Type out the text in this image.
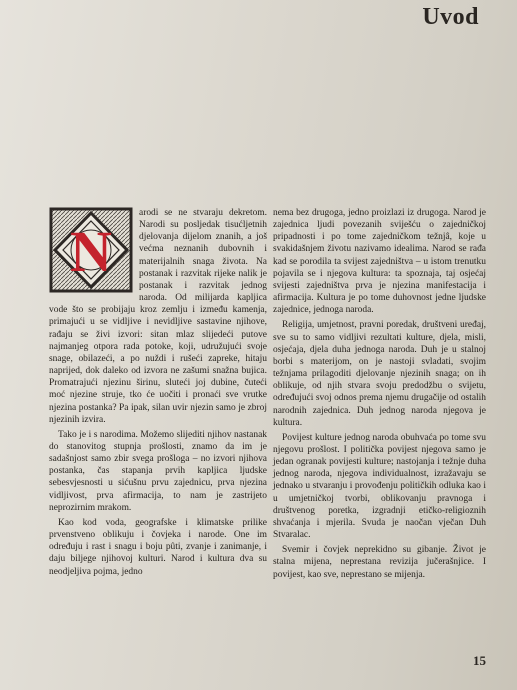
Uvod
N

arodi se ne stvaraju dekretom. Narodi su posljedak tisućljetnih djelovanja dijelom znanih, a još većma neznanih dubovnih i materijalnih snaga života. Na postanak i razvitak rijeke nalik je postanak i razvitak jednog naroda. Od milijarda kapljica vode što se probijaju kroz zemlju i između kamenja, primajući u se vidljive i nevidljive sastavine njihove, rađaju se živi izvori: sitan mlaz slijedeći putove najmanjeg otpora rada potoke, koji, udružujući svoje snage, obilazeći, a po nuždi i rušeći zapreke, hitaju naprijed, dok daleko od izvora ne zašumi snažna bujica. Promatrajući njezinu širinu, sluteći joj dubine, čuteći moć njezine struje, tko će uočiti i pronaći sve vrutke njezina postanka? Pa ipak, silan uvir njezin samo je zbroj njezinih izvira.

Tako je i s narodima. Možemo slijediti njihov nastanak do stanovitog stupnja prošlosti, znamo da im je sadašnjost samo zbir svega prošloga – no izvori njihova postanka, čas stapanja prvih kapljica ljudske sebesvjesnosti u sićušnu prvu zajednicu, prva njezina vidljivost, prva afirmacija, to nam je zastrijeto neprozirnim mrakom.

Kao kod voda, geografske i klimatske prilike prvenstveno oblikuju i čovjeka i narode. One im određuju i rast i snagu i boju pûti, zvanje i zanimanje, i daju biljege njihovoj kulturi. Narod i kultura dva su neodjeljiva pojma, jedno

nema bez drugoga, jedno proizlazi iz drugoga. Narod je zajednica ljudi povezanih sviješću o zajedničkoj pripadnosti i po tome zajedničkom težnjâ, koje u svakidašnjem životu nazivamo idealima. Narod se rađa kad se porodila ta svijest zajedništva – u istom trenutku pojavila se i njegova kultura: ta spoznaja, taj osjećaj svijesti zajedništva prva je njezina manifestacija i afirmacija. Kultura je po tome duhovnost jedne ljudske zajednice, jednoga naroda.

Religija, umjetnost, pravni poredak, društveni uređaj, sve su to samo vidljivi rezultati kulture, djela, misli, osjećaja, djela duha jednoga naroda. Duh je u stalnoj borbi s materijom, on je nastoji svladati, svojim težnjama prilagoditi djelovanje njezinih snaga; on ih oblikuje, od njih stvara svoju predodžbu o svijetu, određujući svoj odnos prema njemu drugačije od ostalih narodnih zajednica. Duh jednog naroda njegova je kultura.

Povijest kulture jednog naroda obuhvaća po tome svu njegovu prošlost. I politička povijest njegova samo je jedan ogranak povijesti kulture; nastojanja i težnje duha jednog naroda, njegova individualnost, izražavaju se jednako u stvaranju i provođenju političkih odluka kao i u umjetničkoj tvorbi, oblikovanju pravnoga i društvenog poretka, izgradnji etičko-religioznih shvaćanja i mjerila. Svuda je naočan vječan Duh Stvaralac.

Svemir i čovjek neprekidno su gibanje. Život je stalna mijena, neprestana revizija jučerašnjice. I povijest, kao sve, neprestano se mijenja.

15
